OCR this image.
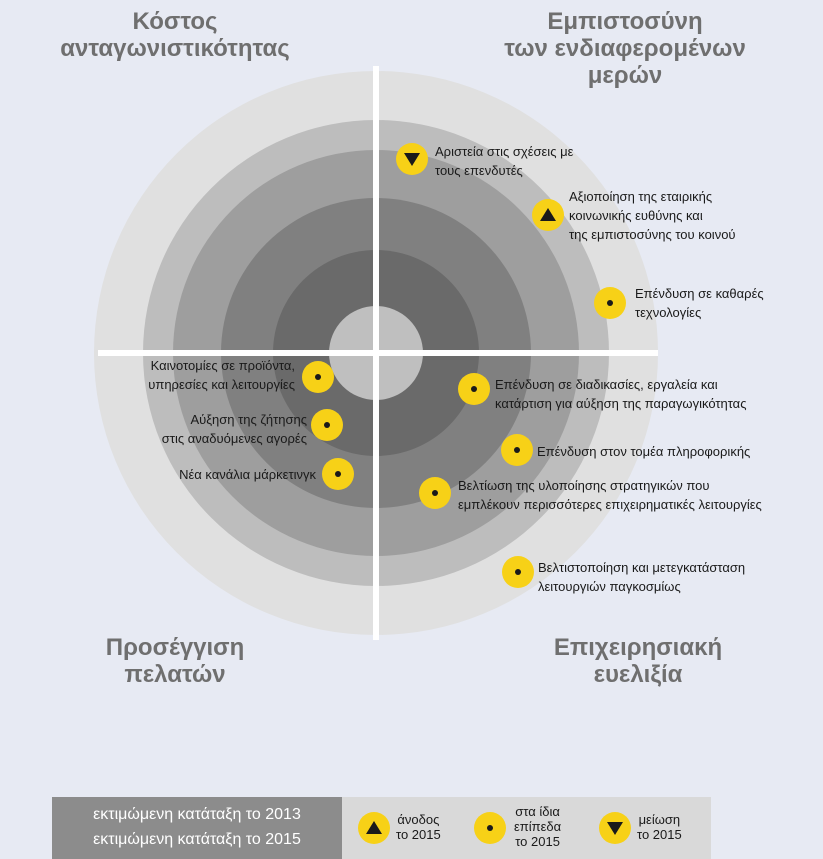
Κόστος
ανταγωνιστικότητας
Εμπιστοσύνη
των ενδιαφερομένων
μερών
Προσέγγιση
πελατών
Επιχειρησιακή
ευελιξία
Αριστεία στις σχέσεις με
τους επενδυτές
Αξιοποίηση της εταιρικής
κοινωνικής ευθύνης και
της εμπιστοσύνης του κοινού
Επένδυση σε καθαρές
τεχνολογίες
Καινοτομίες σε προϊόντα,
υπηρεσίες και λειτουργίες
Αύξηση της ζήτησης
στις αναδυόμενες αγορές
Νέα κανάλια μάρκετινγκ
Επένδυση σε διαδικασίες, εργαλεία και
κατάρτιση για αύξηση της παραγωγικότητας
Επένδυση στον τομέα πληροφορικής
Βελτίωση της υλοποίησης στρατηγικών που
εμπλέκουν περισσότερες επιχειρηματικές λειτουργίες
Βελτιστοποίηση και μετεγκατάσταση
λειτουργιών παγκοσμίως
εκτιμώμενη κατάταξη το 2013
εκτιμώμενη κατάταξη το 2015
άνοδος
το 2015
στα ίδια
επίπεδα
το 2015
μείωση
το 2015
